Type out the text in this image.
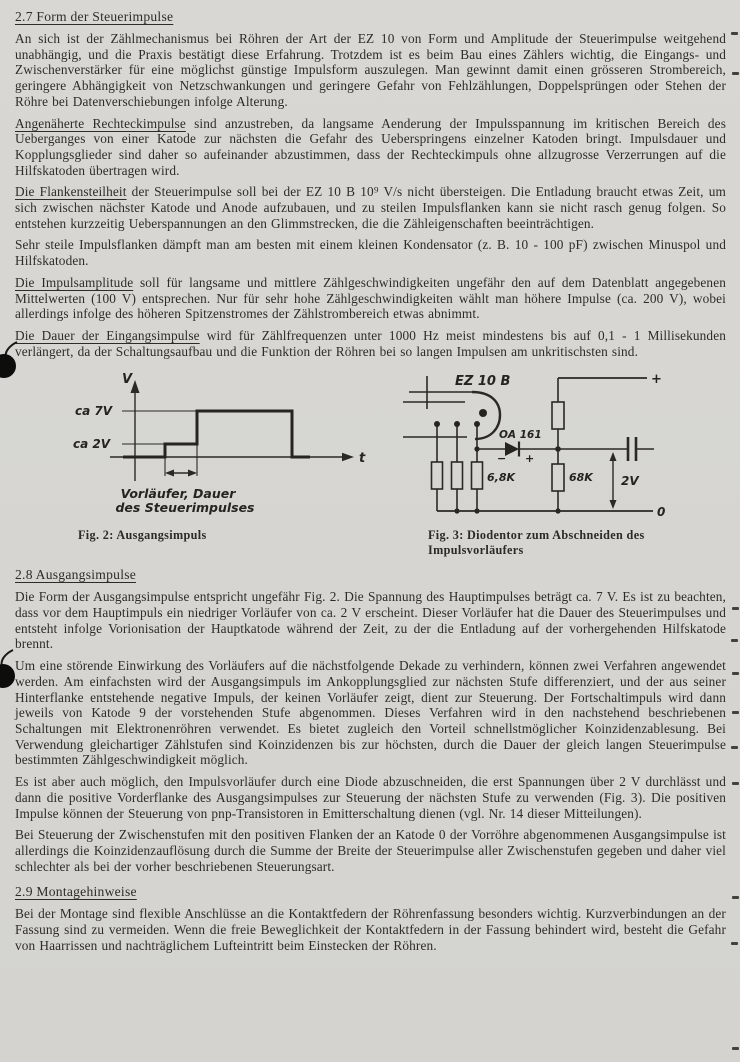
2.7 Form der Steuerimpulse

An sich ist der Zählmechanismus bei Röhren der Art der EZ 10 von Form und Amplitude der Steuerimpulse weitgehend unabhängig, und die Praxis bestätigt diese Erfahrung. Trotzdem ist es beim Bau eines Zählers wichtig, die Eingangs- und Zwischenverstärker für eine möglichst günstige Impulsform auszulegen. Man gewinnt damit einen grösseren Strombereich, geringere Abhängigkeit von Netzschwankungen und geringere Gefahr von Fehlzählungen, Doppelsprüngen oder Stehen der Röhre bei Datenverschiebungen infolge Alterung.

Angenäherte Rechteckimpulse sind anzustreben, da langsame Aenderung der Impulsspannung im kritischen Bereich des Ueberganges von einer Katode zur nächsten die Gefahr des Ueberspringens einzelner Katoden bringt. Impulsdauer und Kopplungsglieder sind daher so aufeinander abzustimmen, dass der Rechteckimpuls ohne allzugrosse Verzerrungen auf die Hilfskatoden übertragen wird.

Die Flankensteilheit der Steuerimpulse soll bei der EZ 10 B 10⁹ V/s nicht übersteigen. Die Entladung braucht etwas Zeit, um sich zwischen nächster Katode und Anode aufzubauen, und zu steilen Impulsflanken kann sie nicht rasch genug folgen. So entstehen kurzzeitig Ueberspannungen an den Glimmstrecken, die die Zähleigenschaften beeinträchtigen.

Sehr steile Impulsflanken dämpft man am besten mit einem kleinen Kondensator (z. B. 10 - 100 pF) zwischen Minuspol und Hilfskatoden.

Die Impulsamplitude soll für langsame und mittlere Zählgeschwindigkeiten ungefähr den auf dem Datenblatt angegebenen Mittelwerten (100 V) entsprechen. Nur für sehr hohe Zählgeschwindigkeiten wählt man höhere Impulse (ca. 200 V), wobei allerdings infolge des höheren Spitzenstromes der Zählstrombereich etwas abnimmt.

Die Dauer der Eingangsimpulse wird für Zählfrequenzen unter 1000 Hz meist mindestens bis auf 0,1 - 1 Millisekunden verlängert, da der Schaltungsaufbau und die Funktion der Röhren bei so langen Impulsen am unkritischsten sind.

V
t
ca 7V
ca 2V
Vorläufer, Dauer
des Steuerimpulses
Fig. 2: Ausgangsimpuls
EZ 10 B
OA 161
− +
6,8K	68K 2V
+
0
Fig. 3: Diodentor zum Abschneiden des
Impulsvorläufers
2.8 Ausgangsimpulse

Die Form der Ausgangsimpulse entspricht ungefähr Fig. 2. Die Spannung des Hauptimpulses beträgt ca. 7 V. Es ist zu beachten, dass vor dem Hauptimpuls ein niedriger Vorläufer von ca. 2 V erscheint. Dieser Vorläufer hat die Dauer des Steuerimpulses und entsteht infolge Vorionisation der Hauptkatode während der Zeit, zu der die Entladung auf der vorhergehenden Hilfskatode brennt.

Um eine störende Einwirkung des Vorläufers auf die nächstfolgende Dekade zu verhindern, können zwei Verfahren angewendet werden. Am einfachsten wird der Ausgangsimpuls im Ankopplungsglied zur nächsten Stufe differenziert, und der aus seiner Hinterflanke entstehende negative Impuls, der keinen Vorläufer zeigt, dient zur Steuerung. Der Fortschaltimpuls wird dann jeweils von Katode 9 der vorstehenden Stufe abgenommen. Dieses Verfahren wird in den nachstehend beschriebenen Schaltungen mit Elektronenröhren verwendet. Es bietet zugleich den Vorteil schnellstmöglicher Koinzidenzablesung. Bei Verwendung gleichartiger Zählstufen sind Koinzidenzen bis zur höchsten, durch die Dauer der gleich langen Steuerimpulse bestimmten Zählgeschwindigkeit möglich.

Es ist aber auch möglich, den Impulsvorläufer durch eine Diode abzuschneiden, die erst Spannungen über 2 V durchlässt und dann die positive Vorderflanke des Ausgangsimpulses zur Steuerung der nächsten Stufe zu verwenden (Fig. 3). Die positiven Impulse können der Steuerung von pnp-Transistoren in Emitterschaltung dienen (vgl. Nr. 14 dieser Mitteilungen).

Bei Steuerung der Zwischenstufen mit den positiven Flanken der an Katode 0 der Vorröhre abgenommenen Ausgangsimpulse ist allerdings die Koinzidenzauflösung durch die Summe der Breite der Steuerimpulse aller Zwischenstufen gegeben und daher viel schlechter als bei der vorher beschriebenen Steuerungsart.

2.9 Montagehinweise

Bei der Montage sind flexible Anschlüsse an die Kontaktfedern der Röhrenfassung besonders wichtig. Kurzverbindungen an der Fassung sind zu vermeiden. Wenn die freie Beweglichkeit der Kontaktfedern in der Fassung behindert wird, besteht die Gefahr von Haarrissen und nachträglichem Lufteintritt beim Einstecken der Röhren.
